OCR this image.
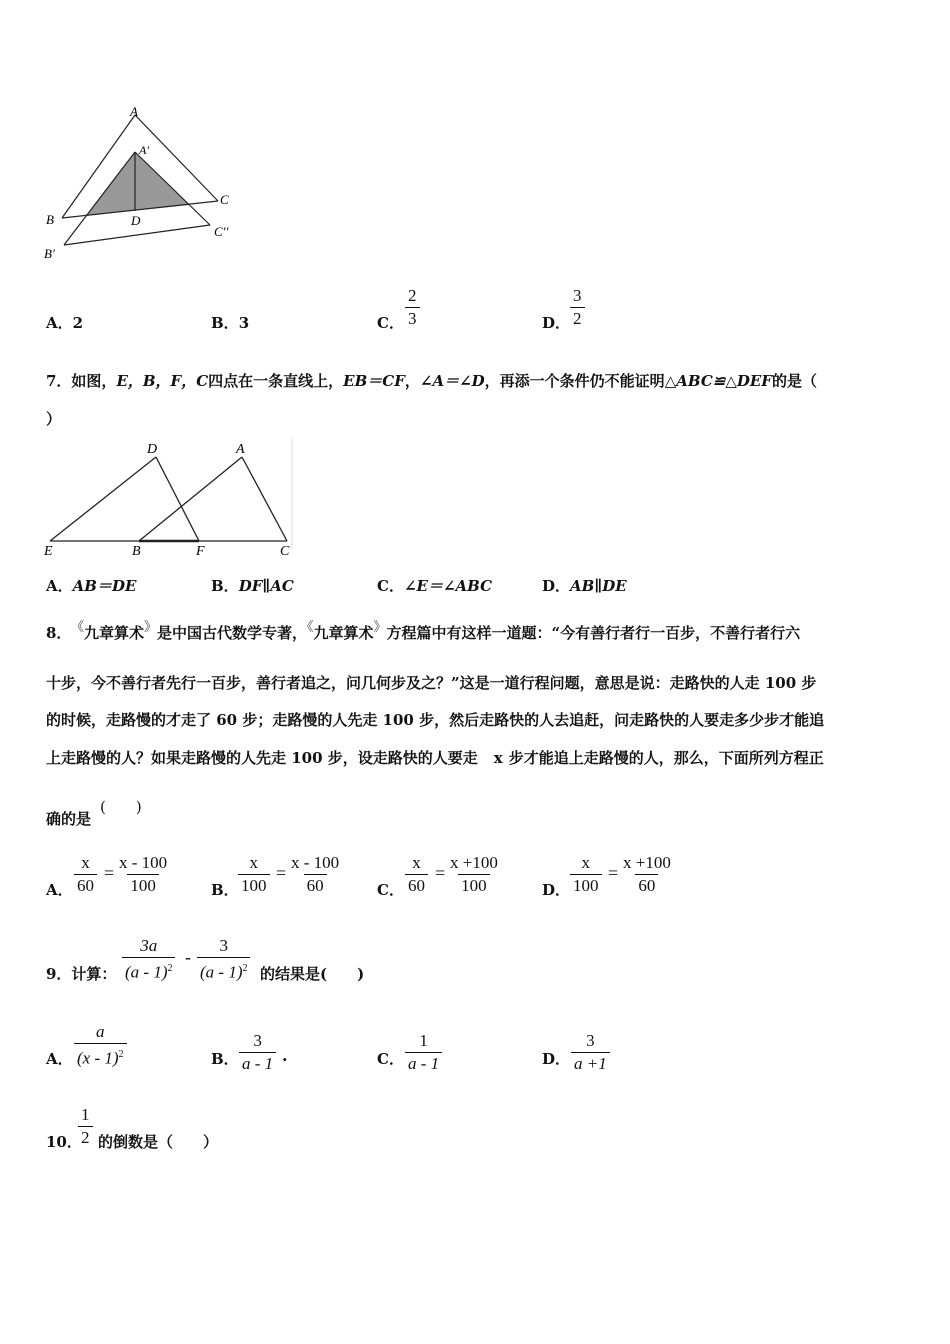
A
A'
B
C
D
B'
C''
A．2	B．3	C． $\frac{2}{3}$	D． $\frac{3}{2}$
7．如图，E，B，F，C四点在一条直线上，EB＝CF，∠A＝∠D，再添一个条件仍不能证明△ABC≌△DEF的是（
）
D	A
E	B	F	C
A．AB＝DE	B．DF∥AC	C．∠E＝∠ABC	D．AB∥DE
8． 《九章算术》是中国古代数学专著，《九章算术》方程篇中有这样一道题：“今有善行者行一百步，不善行者行六
十步，今不善行者先行一百步，善行者追之，问几何步及之？”这是一道行程问题，意思是说：走路快的人走 100 步
的时候，走路慢的才走了 60 步；走路慢的人先走 100 步，然后走路快的人去追赶，问走路快的人要走多少步才能追
上走路慢的人？如果走路慢的人先走 100 步，设走路快的人要走 x 步才能追上走路慢的人，那么，下面所列方程正
确的是
(　　)
A． $\frac{x}{60} = \frac{x - 100}{100}$	B． $\frac{x}{100} = \frac{x - 100}{60}$ C． $\frac{x}{60} = \frac{x +100}{100}$	D． $\frac{x}{100} = \frac{x +100}{60}$
9．计算： $\frac{3a}{(a - 1)^2} - \frac{3}{(a - 1)^2}$ 的结果是(　　)
A． $\frac{a}{(x - 1)^2}$	B． $\frac{3}{a - 1}$ .	C． $\frac{1}{a - 1}$	D． $\frac{3}{a +1}$
10．
$\frac{1}{2}$ 的倒数是（　　）
